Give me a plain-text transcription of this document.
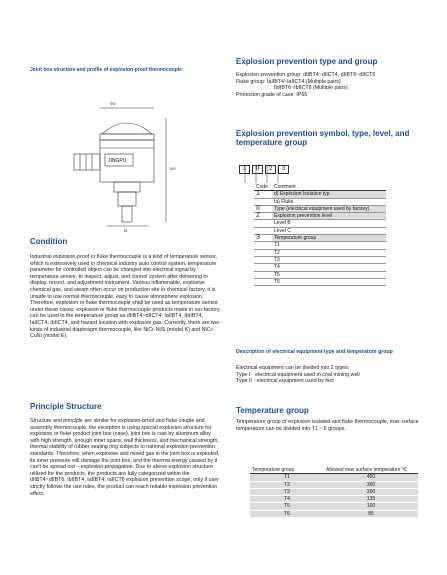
Joint box structure and profile of explosion-proof thermocouple
Φ8
JINGPU
150
M
Condition
Industrial explosion-proof or fluke thermocouple is a kind of temperature sensor, which is extensively used in chemical industry auto control system, temperature parameter for controlled object can be changed into electrical signal by temperature sensor, to inspect, adjust, and control system after delivering to display, record, and adjustment instrument. Various inflammable, explosive chemical gas, and steam often occur on production site in chemical factory, it is unsafe to use normal thermocouple, easy to cause atmosphere explosion. Therefore, explosion or fluke thermocouple shall be used as temperature sensor under these cases, explosion or fluke thermocouple products made in our factory can be used in the temperature group as dIIBT4~dIICT4, IaIIBT4, IbIIBT4, IaIICT4, IbIICT4, and hazard location with explosive gas. Currently, there are two kinds of industrial diaphragm thermocouple, like NiCr-NiSi (model K) and NiCr-CuNi (model E).
Principle Structure
Structure and principle are similar for explosion-proof and fluke couple and assembly thermocouple, the exception is using special explosion structure for explosion or fluke product joint box (case), joint box is cast by aluminum alloy with high strength, enough inner space, wall thickness, and mechanical strength, thermal stability of rubber sealing ring subjects to national explosion prevention standards. Therefore, when explosive and mixed gas in the joint box is exploded, its inner pressure will damage the joint box, and the thermal energy caused by it can't be spread out – explosion propagation. Due to above explosion structure utilized for the products, the products are fully categorized within the dIIBT4~dIIBT6, IbIIBT4, IaIIBT4, IaIICT6 explosion prevention scope, only if user strictly follows the use rules, the product can reach reliable explosion prevention effect.
Explosion prevention type and group
Explosion prevention group: dIIBT4~dIICT4, dIIBT6~dIICT6
Fluke group: IaIIBT4~IaIICT4 (Multiple pairs)
IbIIBT6~IbIICT6 (Multiple pairs)
Protection grade of case: IP65
Explosion prevention symbol, type, level, and temperature group
1 II 2 3
Code	Comment
1	d) Explosion Isolation typ
	Ia) Fluke
II	Type (electrical equipment used by factory)
2	Explosion prevention level
	Level B
	Level C
3	Temperature group
	T1
	T2
	T3
	T4
	T5
	T6
Description of electrical equipment type and temperature group
Electrical equipment can be divided into 2 types:
Type I - electrical equipment used in coal mining well
Type II - electrical equipment used by fact
Temperature group
Temperature group of explosion isolated and fluke thermocouple, max surface temperature can be divided into T1 ~ 6 groups.
Temperature group	Allowed max surface temperature ℃
T1	450
T2	300
T3	200
T4	135
T5	100
T6	85
